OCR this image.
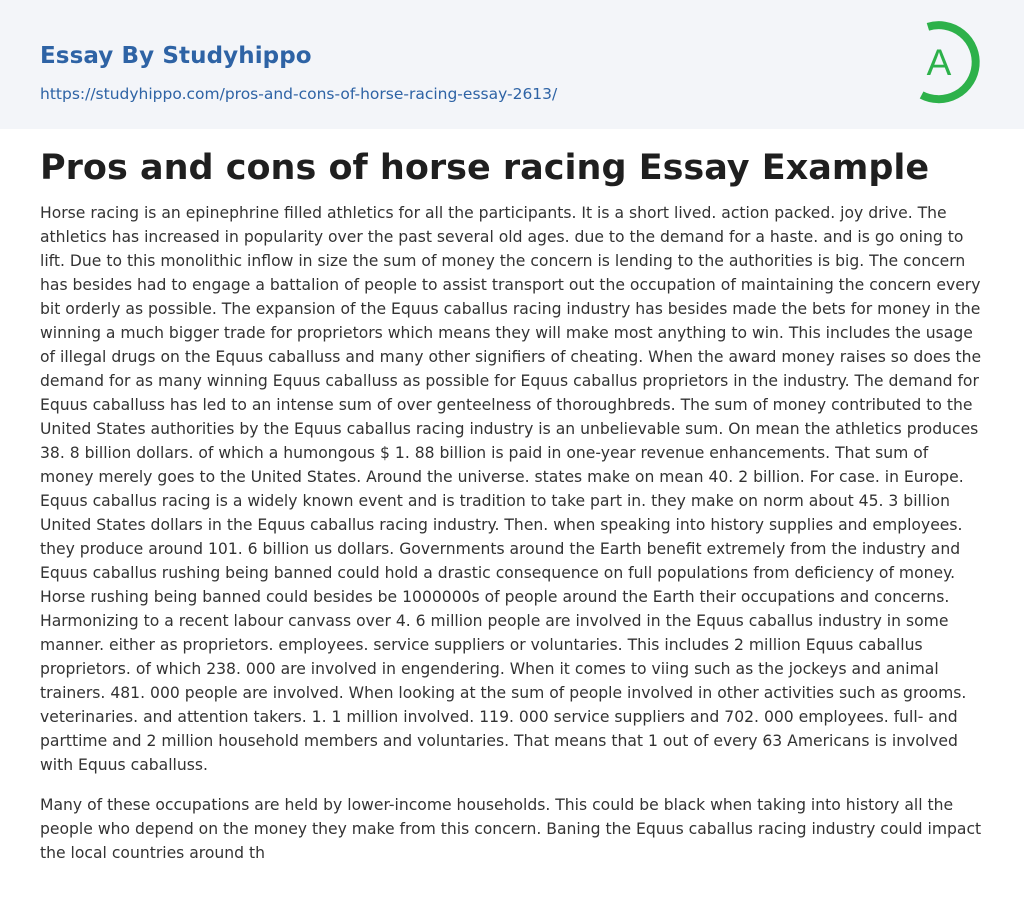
Essay By Studyhippo
https://studyhippo.com/pros-and-cons-of-horse-racing-essay-2613/
A
Pros and cons of horse racing Essay Example

Horse racing is an epinephrine filled athletics for all the participants. It is a short lived. action packed. joy drive. The athletics has increased in popularity over the past several old ages. due to the demand for a haste. and is go oning to lift. Due to this monolithic inflow in size the sum of money the concern is lending to the authorities is big. The concern has besides had to engage a battalion of people to assist transport out the occupation of maintaining the concern every bit orderly as possible. The expansion of the Equus caballus racing industry has besides made the bets for money in the winning a much bigger trade for proprietors which means they will make most anything to win. This includes the usage of illegal drugs on the Equus caballuss and many other signifiers of cheating. When the award money raises so does the demand for as many winning Equus caballuss as possible for Equus caballus proprietors in the industry. The demand for Equus caballuss has led to an intense sum of over genteelness of thoroughbreds. The sum of money contributed to the United States authorities by the Equus caballus racing industry is an unbelievable sum. On mean the athletics produces 38. 8 billion dollars. of which a humongous $ 1. 88 billion is paid in one-year revenue enhancements. That sum of money merely goes to the United States. Around the universe. states make on mean 40. 2 billion. For case. in Europe. Equus caballus racing is a widely known event and is tradition to take part in. they make on norm about 45. 3 billion United States dollars in the Equus caballus racing industry. Then. when speaking into history supplies and employees. they produce around 101. 6 billion us dollars. Governments around the Earth benefit extremely from the industry and Equus caballus rushing being banned could hold a drastic consequence on full populations from deficiency of money. Horse rushing being banned could besides be 1000000s of people around the Earth their occupations and concerns. Harmonizing to a recent labour canvass over 4. 6 million people are involved in the Equus caballus industry in some manner. either as proprietors. employees. service suppliers or voluntaries. This includes 2 million Equus caballus proprietors. of which 238. 000 are involved in engendering. When it comes to viing such as the jockeys and animal trainers. 481. 000 people are involved. When looking at the sum of people involved in other activities such as grooms. veterinaries. and attention takers. 1. 1 million involved. 119. 000 service suppliers and 702. 000 employees. full- and parttime and 2 million household members and voluntaries. That means that 1 out of every 63 Americans is involved with Equus caballuss.

Many of these occupations are held by lower-income households. This could be black when taking into history all the people who depend on the money they make from this concern. Baning the Equus caballus racing industry could impact the local countries around th
